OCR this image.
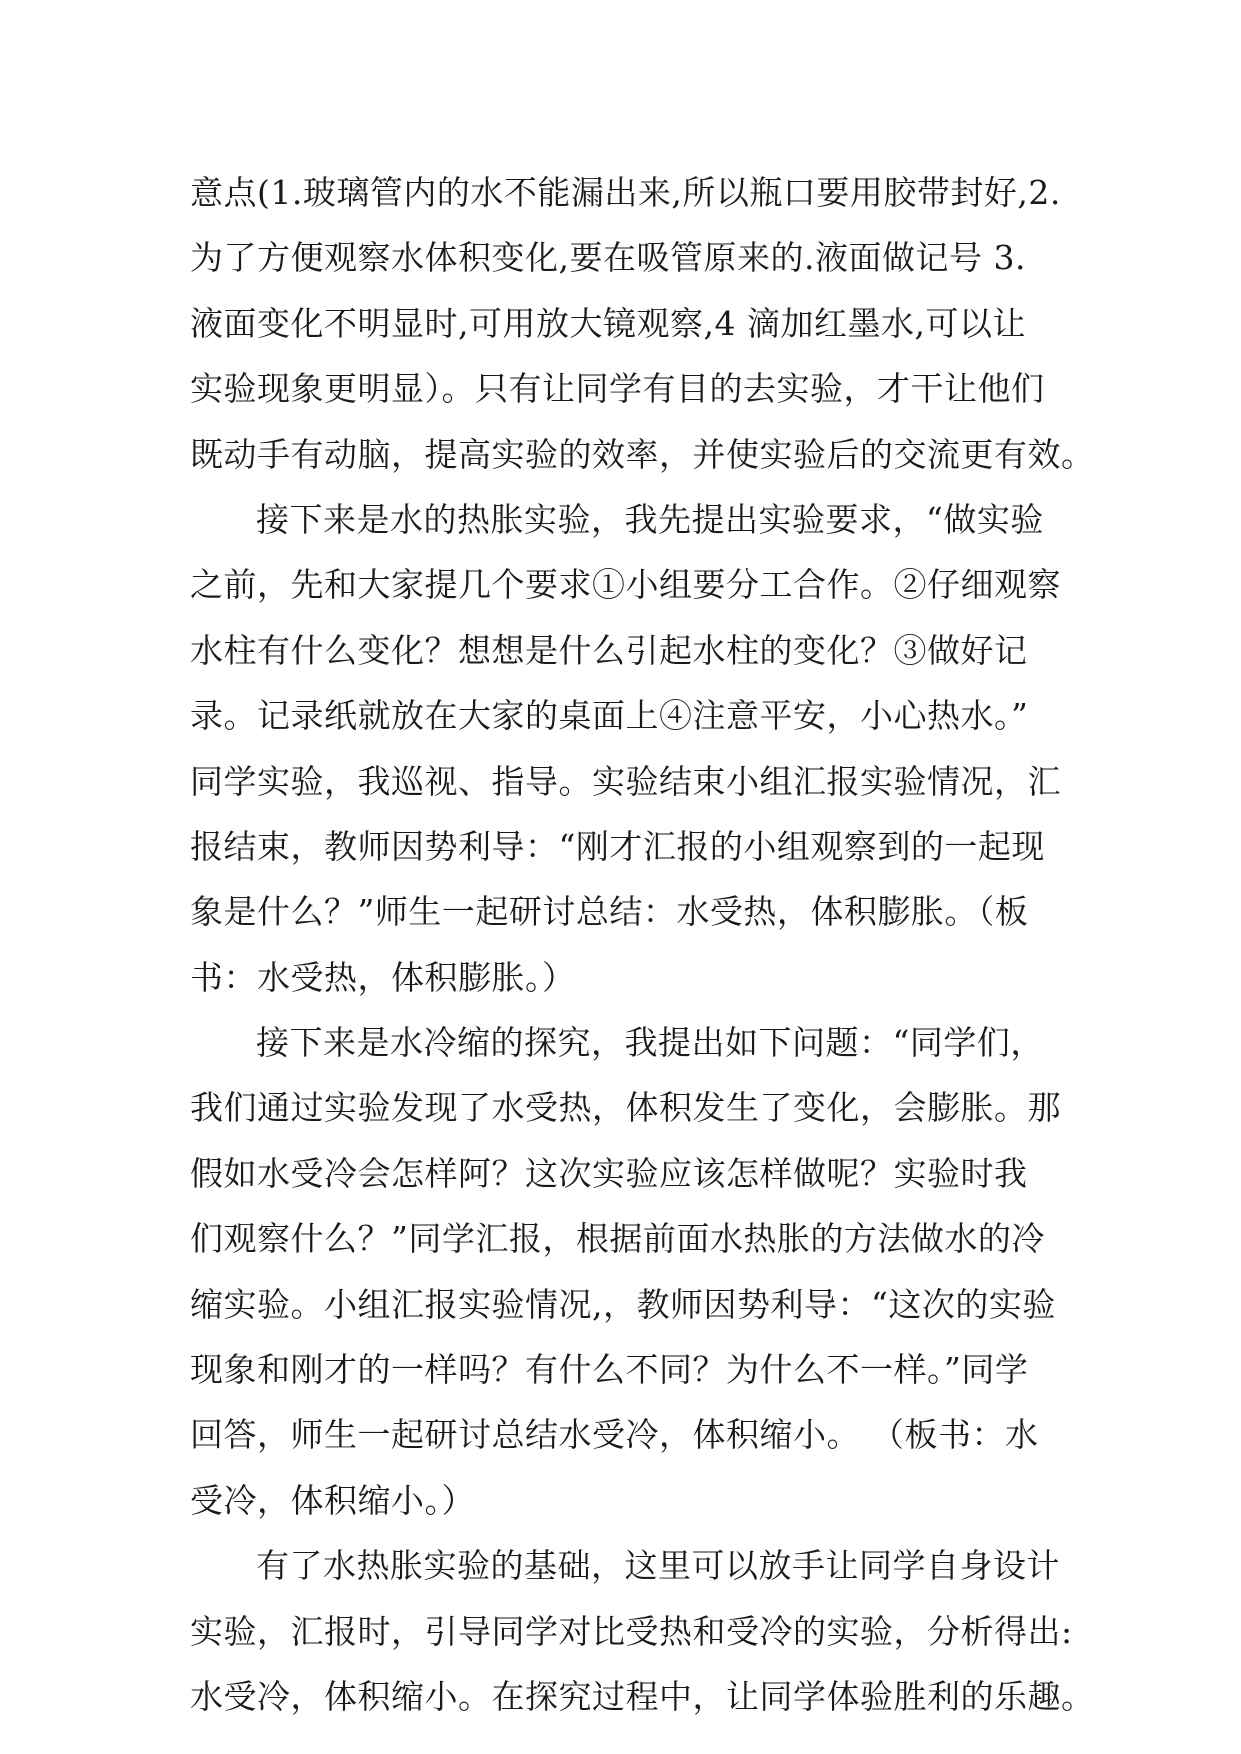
意点(1.玻璃管内的水不能漏出来,所以瓶口要用胶带封好,2.
为了方便观察水体积变化,要在吸管原来的.液面做记号 3.
液面变化不明显时,可用放大镜观察,4 滴加红墨水,可以让
实验现象更明显）。只有让同学有目的去实验，才干让他们
既动手有动脑，提高实验的效率，并使实验后的交流更有效。
接下来是水的热胀实验，我先提出实验要求，“做实验
之前，先和大家提几个要求①小组要分工合作。②仔细观察
水柱有什么变化？想想是什么引起水柱的变化？③做好记
录。记录纸就放在大家的桌面上④注意平安，小心热水。”
同学实验，我巡视、指导。实验结束小组汇报实验情况，汇
报结束，教师因势利导：“刚才汇报的小组观察到的一起现
象是什么？”师生一起研讨总结：水受热，体积膨胀。（板
书：水受热，体积膨胀。）
接下来是水冷缩的探究，我提出如下问题：“同学们，
我们通过实验发现了水受热，体积发生了变化，会膨胀。那
假如水受冷会怎样阿？这次实验应该怎样做呢？实验时我
们观察什么？”同学汇报，根据前面水热胀的方法做水的冷
缩实验。小组汇报实验情况,，教师因势利导：“这次的实验
现象和刚才的一样吗？有什么不同？为什么不一样。”同学
回答，师生一起研讨总结水受冷，体积缩小。 （板书：水
受冷，体积缩小。）
有了水热胀实验的基础，这里可以放手让同学自身设计
实验，汇报时，引导同学对比受热和受冷的实验，分析得出:
水受冷，体积缩小。在探究过程中，让同学体验胜利的乐趣。
